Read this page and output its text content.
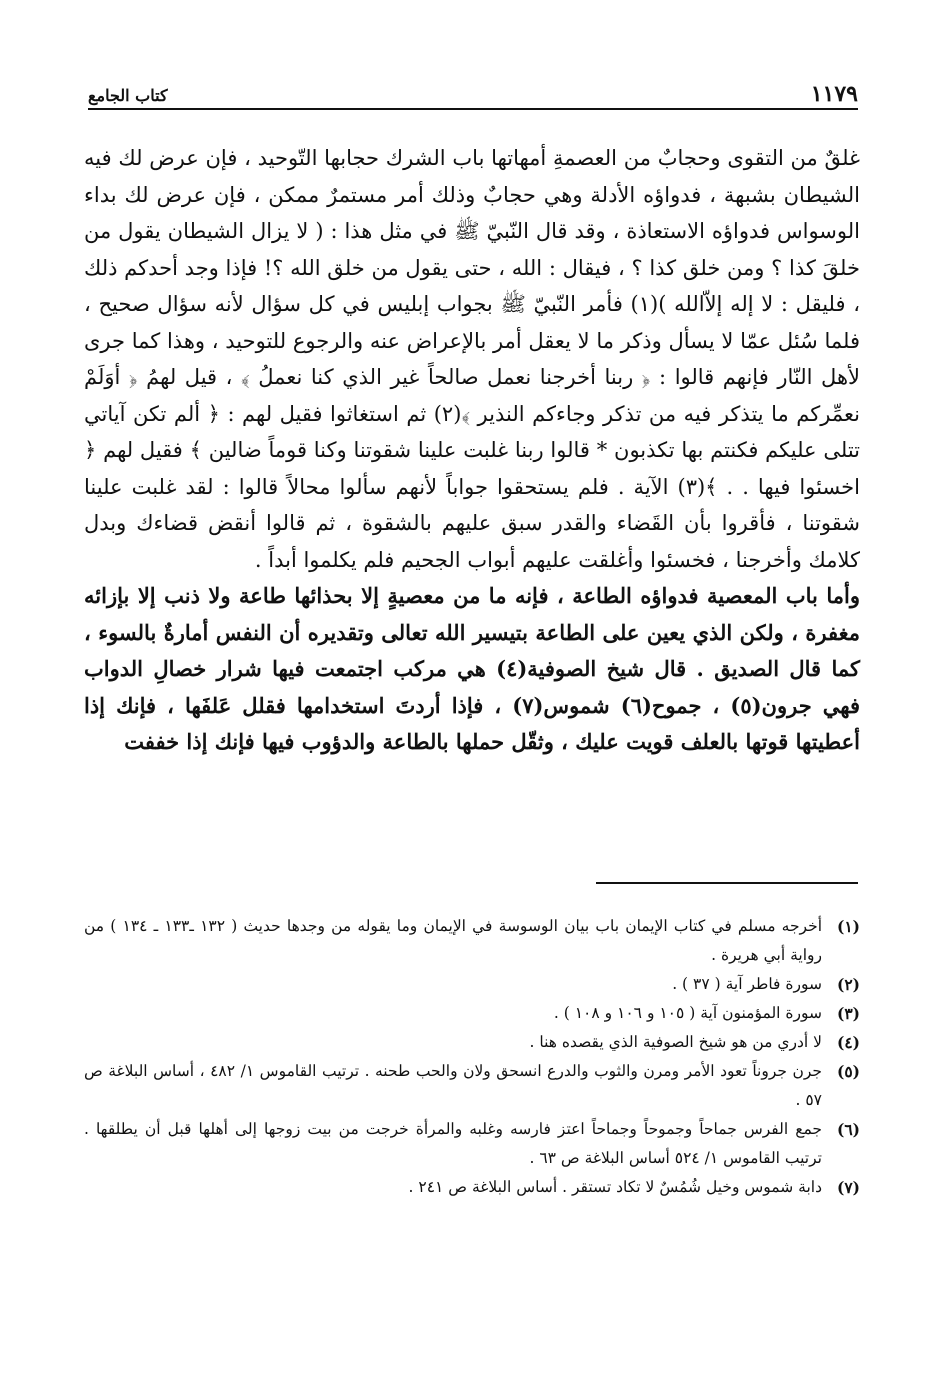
كتاب الجامع	١١٧٩

غلقٌ من التقوى وحجابٌ من العصمةِ أمهاتها باب الشرك حجابها التّوحيد ، فإن عرض لك فيه الشيطان بشبهة ، فدواؤه الأدلة وهي حجابٌ وذلك أمر مستمرٌ ممكن ، فإن عرض لك بداء الوسواس فدواؤه الاستعاذة ، وقد قال النّبيّ ﷺ في مثل هذا : ( لا يزال الشيطان يقول من خلقَ كذا ؟ ومن خلق كذا ؟ ، فيقال : الله ، حتى يقول من خلق الله ؟! فإذا وجد أحدكم ذلك ، فليقل : لا إله إلاّالله )(١) فأمر النّبيّ ﷺ بجواب إبليس في كل سؤال لأنه سؤال صحيح ، فلما سُئل عمّا لا يسأل وذكر ما لا يعقل أمر بالإعراض عنه والرجوع للتوحيد ، وهذا كما جرى لأهل النّار فإنهم قالوا : ﴿ ربنا أخرجنا نعمل صالحاً غير الذي كنا نعملُ ﴾ ، قيل لهمُ ﴿ أوَلَمْ نعمِّركم ما يتذكر فيه من تذكر وجاءكم النذير ﴾(٢) ثم استغاثوا فقيل لهم : ﴿ ألم تكن آياتي تتلى عليكم فكنتم بها تكذبون * قالوا ربنا غلبت علينا شقوتنا وكنا قوماً ضالين ﴾ فقيل لهم ﴿ اخسئوا فيها . . ﴾(٣) الآية . فلم يستحقوا جواباً لأنهم سألوا محالاً قالوا : لقد غلبت علينا شقوتنا ، فأقروا بأن القَضاء والقدر سبق عليهم بالشقوة ، ثم قالوا أنقض قضاءك وبدل كلامك وأخرجنا ، فخسئوا وأغلقت عليهم أبواب الجحيم فلم يكلموا أبداً .

وأما باب المعصية فدواؤه الطاعة ، فإنه ما من معصيةٍ إلا بحذائها طاعة ولا ذنب إلا بإزائه مغفرة ، ولكن الذي يعين على الطاعة بتيسير الله تعالى وتقديره أن النفس أمارةٌ بالسوء ، كما قال الصديق . قال شيخ الصوفية(٤) هي مركب اجتمعت فيها شرار خصالِ الدواب فهي جرون(٥) ، جموح(٦) شموس(٧) ، فإذا أردتَ استخدامها فقلل عَلفَها ، فإنك إذا أعطيتها قوتها بالعلف قويت عليك ، وثقّل حملها بالطاعة والدؤوب فيها فإنك إذا خففت

(١)
أخرجه مسلم في كتاب الإيمان باب بيان الوسوسة في الإيمان وما يقوله من وجدها حديث ( ١٣٢ ـ١٣٣ ـ ١٣٤ ) من رواية أبي هريرة .
(٢)
سورة فاطر آية ( ٣٧ ) .
(٣)
سورة المؤمنون آية ( ١٠٥ و ١٠٦ و ١٠٨ ) .
(٤)
لا أدري من هو شيخ الصوفية الذي يقصده هنا .
(٥)
جرن جروناً تعود الأمر ومرن والثوب والدرع انسحق ولان والحب طحنه . ترتيب القاموس ١/ ٤٨٢ ، أساس البلاغة ص ٥٧ .
(٦)
جمع الفرس جماحاً وجموحاً وجماحاً اعتز فارسه وغلبه والمرأة خرجت من بيت زوجها إلى أهلها قبل أن يطلقها . ترتيب القاموس ١/ ٥٢٤ أساس البلاغة ص ٦٣ .
(٧)
دابة شموس وخيل شُمُسٌ لا تكاد تستقر . أساس البلاغة ص ٢٤١ .
